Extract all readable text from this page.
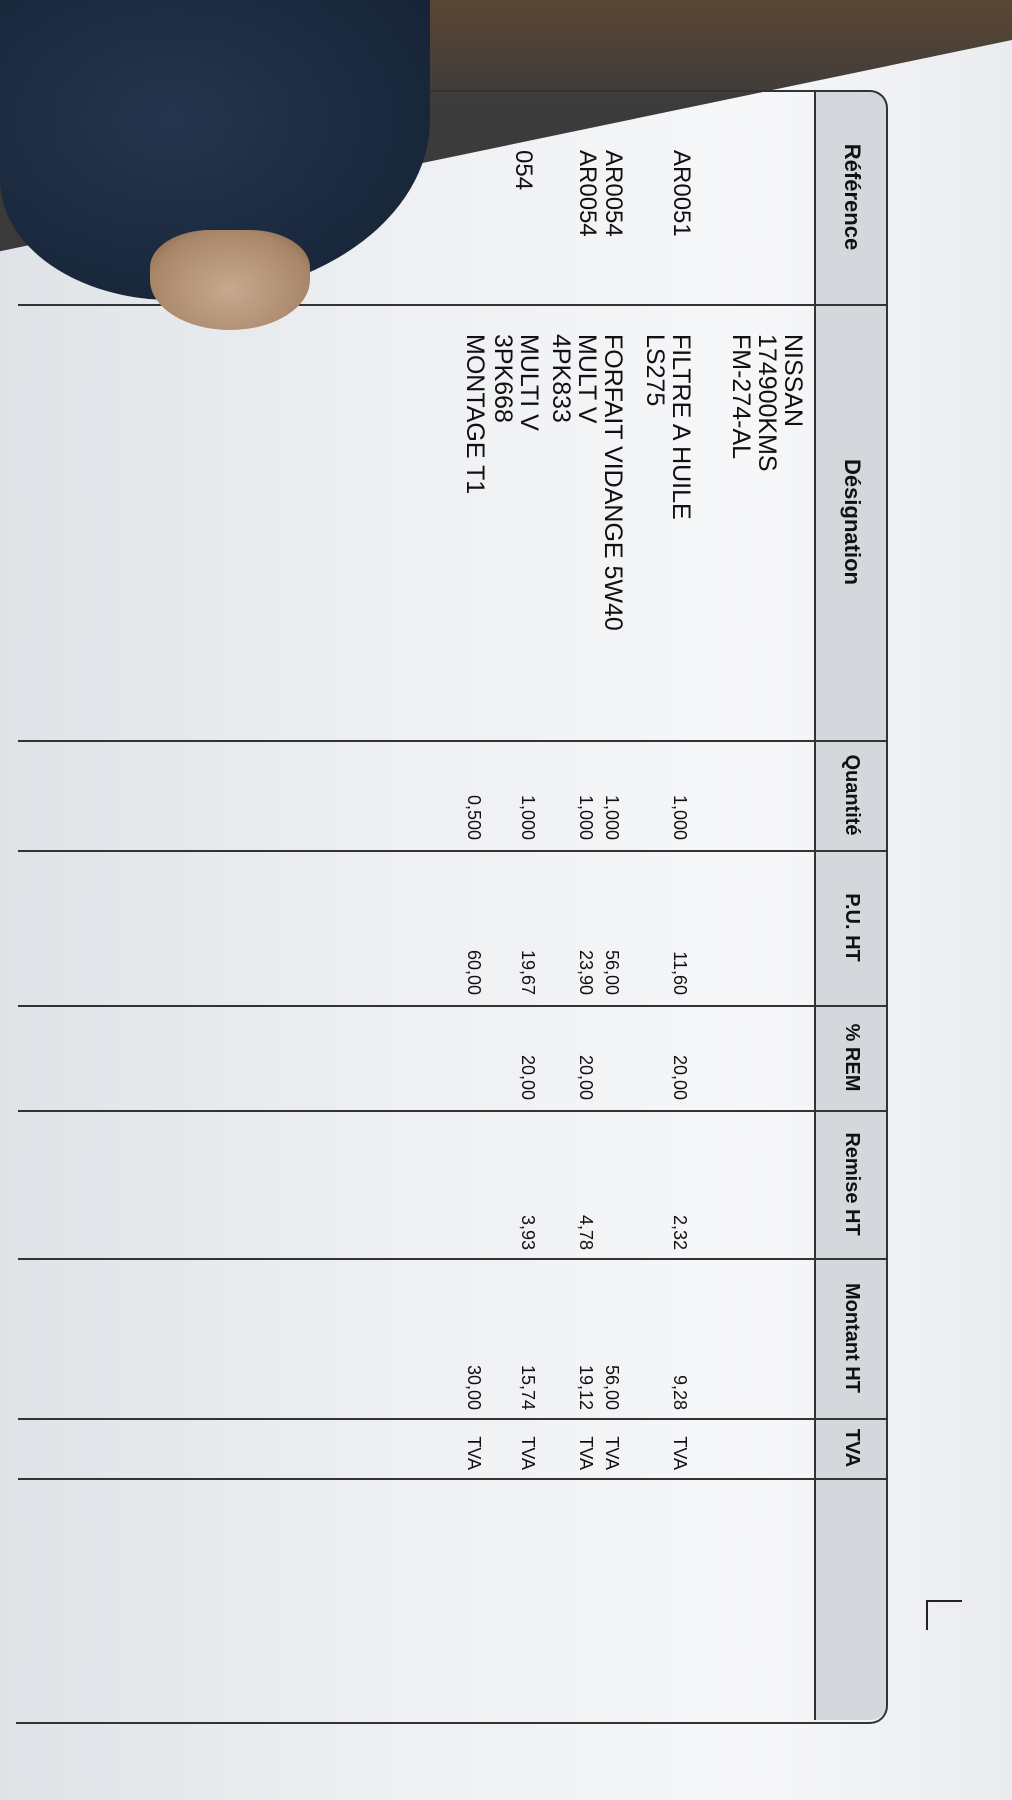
Référence
Désignation
Quantité
P.U. HT
% REM
Remise HT
Montant HT
TVA
NISSAN
174900KMS
FM-274-AL
AR0051
FILTRE A HUILE
LS275
1,000
11,60
20,00
2,32
9,28
TVA
AR0054
FORFAIT VIDANGE 5W40
1,000
56,00
56,00
TVA
AR0054
MULT V
4PK833
1,000
23,90
20,00
4,78
19,12
TVA
054
MULTI V
3PK668
1,000
19,67
20,00
3,93
15,74
TVA
MONTAGE T1
0,500
60,00
30,00
TVA
